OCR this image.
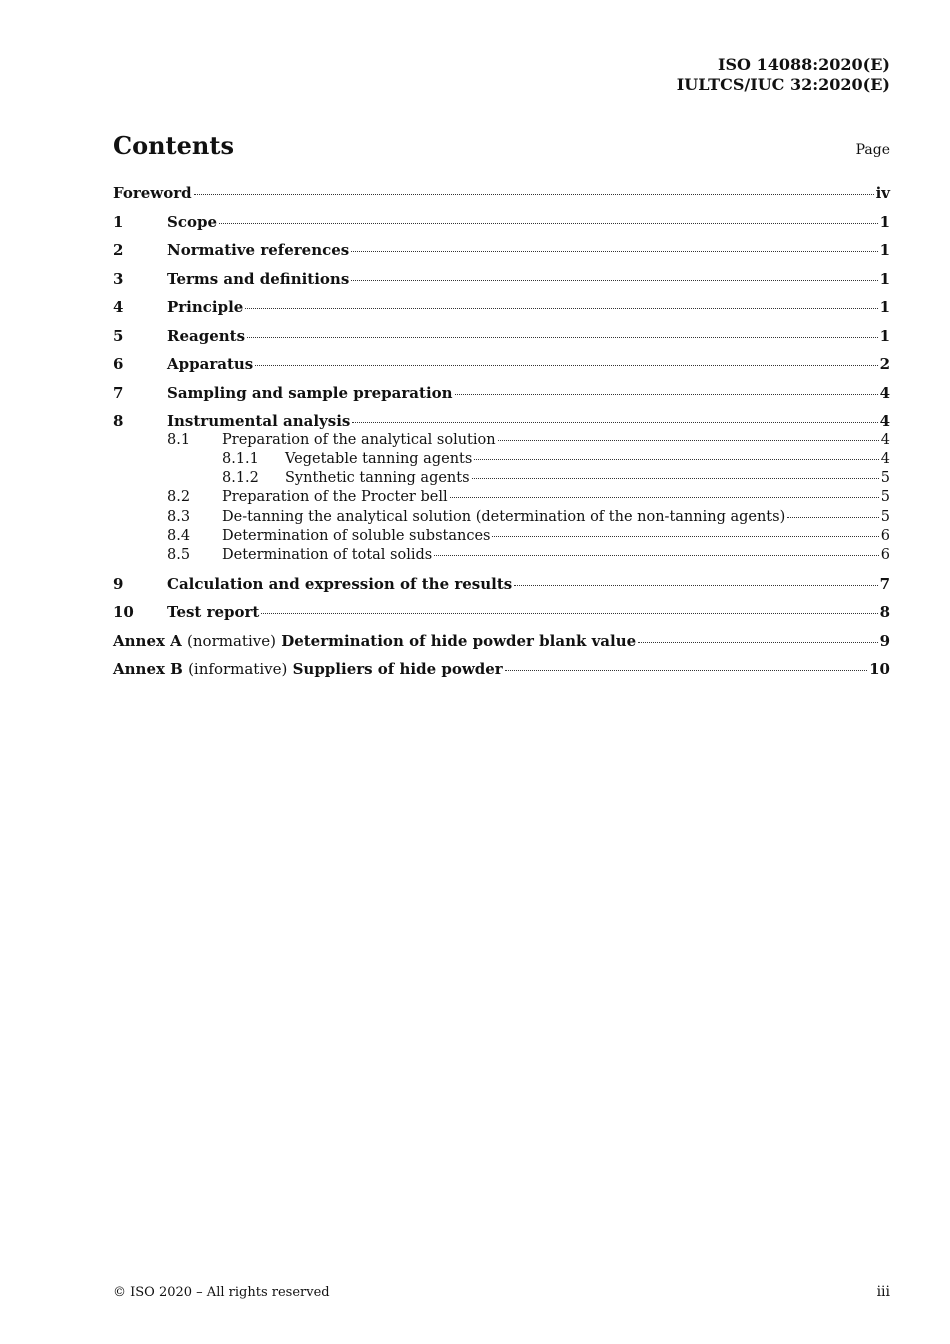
ISO 14088:2020(E)
IULTCS/IUC 32:2020(E)
Contents	Page
Foreword	iv
1	Scope	1
2	Normative references	1
3	Terms and definitions	1
4	Principle	1
5	Reagents	1
6	Apparatus	2
7	Sampling and sample preparation	4
8	Instrumental analysis	4
8.1	Preparation of the analytical solution	4
8.1.1	Vegetable tanning agents	4
8.1.2	Synthetic tanning agents	5
8.2	Preparation of the Procter bell	5
8.3	De-tanning the analytical solution (determination of the non-tanning agents)	5
8.4	Determination of soluble substances	6
8.5	Determination of total solids	6
9	Calculation and expression of the results	7
10	Test report	8
Annex A (normative) Determination of hide powder blank value	9
Annex B (informative) Suppliers of hide powder	10
© ISO 2020 – All rights reserved	iii
